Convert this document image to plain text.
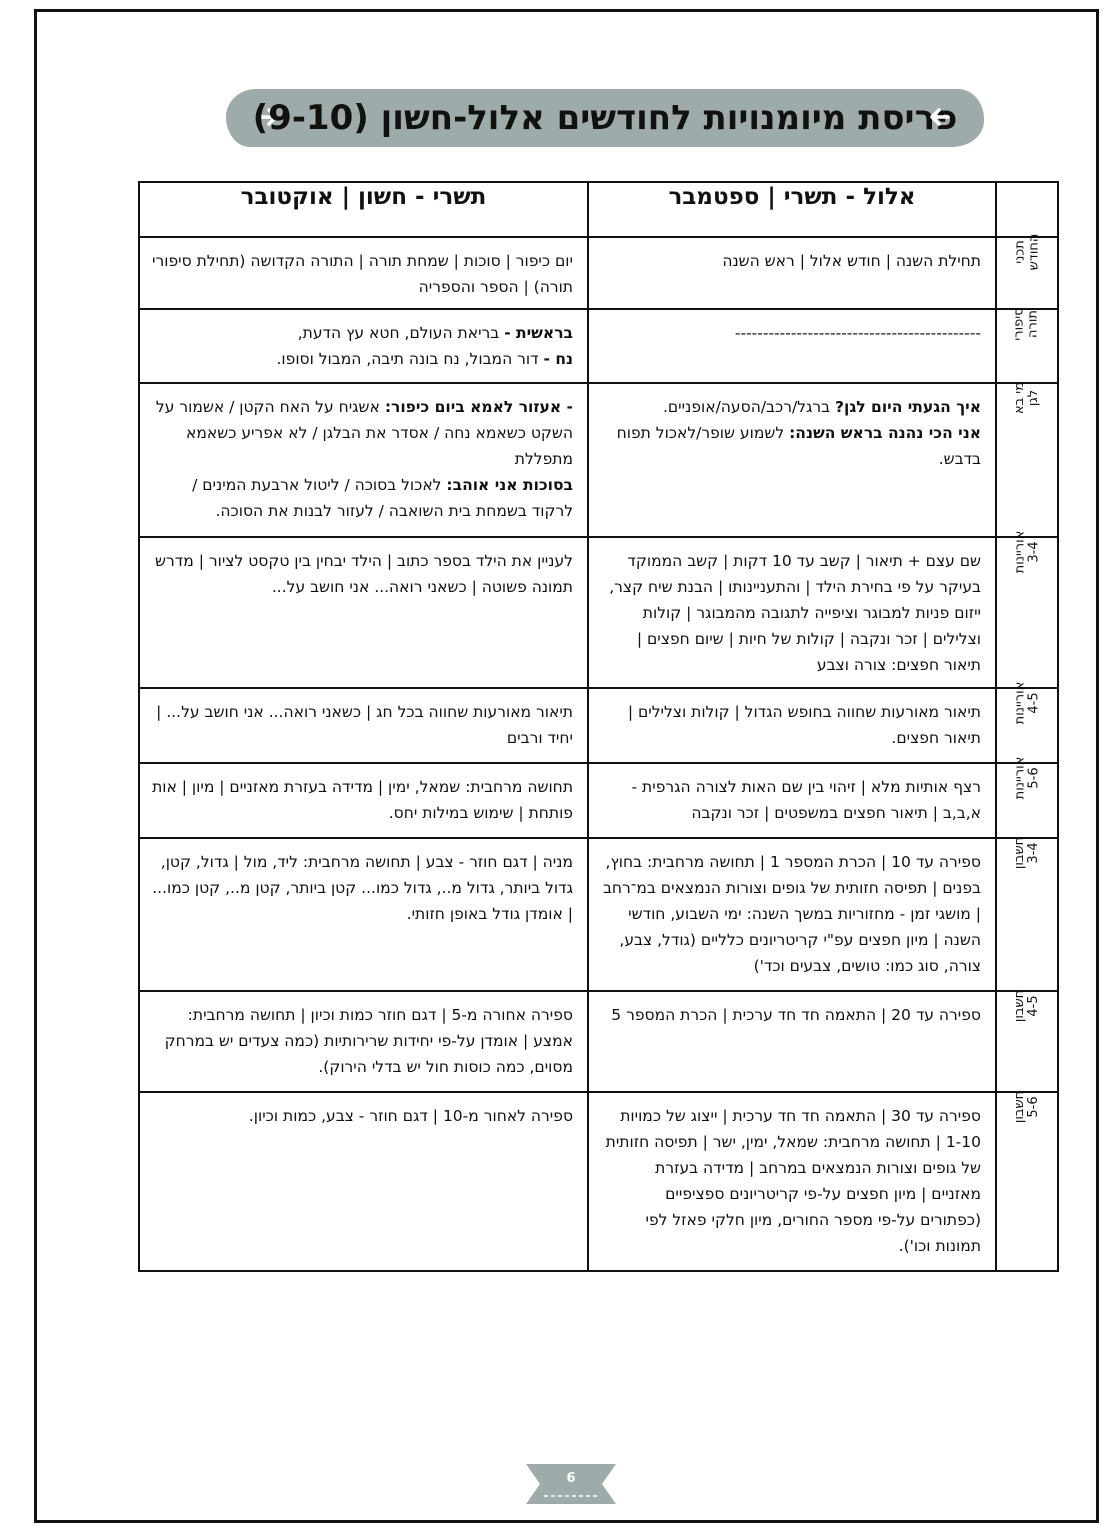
פריסת מיומנויות לחודשים אלול-חשון (9-10)
	אלול - תשרי | ספטמבר	תשרי - חשון | אוקטובר
תכני
החודש	תחילת השנה | חודש אלול | ראש השנה	יום כיפור | סוכות | שמחת תורה | התורה הקדושה (תחילת סיפורי תורה) | הספר והספריה
סיפורי
תורה	--------------------------------------------	בראשית - בריאת העולם, חטא עץ הדעת,
נח - דור המבול, נח בונה תיבה, המבול וסופו.
מי בא
לגן	איך הגעתי היום לגן? ברגל/רכב/הסעה/אופניים.
אני הכי נהנה בראש השנה: לשמוע שופר/לאכול תפוח בדבש.	- אעזור לאמא ביום כיפור: אשגיח על האח הקטן / אשמור על השקט כשאמא נחה / אסדר את הבלגן / לא אפריע כשאמא מתפללת
בסוכות אני אוהב: לאכול בסוכה / ליטול ארבעת המינים / לרקוד בשמחת בית השואבה / לעזור לבנות את הסוכה.
אוריינות
3-4	שם עצם + תיאור | קשב עד 10 דקות | קשב הממוקד בעיקר על פי בחירת הילד | והתעניינותו | הבנת שיח קצר, ייזום פניות למבוגר וציפייה לתגובה מהמבוגר | קולות וצלילים | זכר ונקבה | קולות של חיות | שיום חפצים | תיאור חפצים: צורה וצבע	לעניין את הילד בספר כתוב | הילד יבחין בין טקסט לציור | מדרש תמונה פשוטה | כשאני רואה... אני חושב על...
אוריינות
4-5	תיאור מאורעות שחווה בחופש הגדול | קולות וצלילים | תיאור חפצים.	תיאור מאורעות שחווה בכל חג | כשאני רואה... אני חושב על... | יחיד ורבים
אוריינות
5-6	רצף אותיות מלא | זיהוי בין שם האות לצורה הגרפית - א,ב,ב | תיאור חפצים במשפטים | זכר ונקבה	תחושה מרחבית: שמאל, ימין | מדידה בעזרת מאזניים | מיון | אות פותחת | שימוש במילות יחס.
חשבון
3-4	ספירה עד 10 | הכרת המספר 1 | תחושה מרחבית: בחוץ, בפנים | תפיסה חזותית של גופים וצורות הנמצאים במ־רחב | מושגי זמן - מחזוריות במשך השנה: ימי השבוע, חודשי השנה | מיון חפצים עפ"י קריטריונים כלליים (גודל, צבע, צורה, סוג כמו: טושים, צבעים וכד')	מניה | דגם חוזר - צבע | תחושה מרחבית: ליד, מול | גדול, קטן, גדול ביותר, גדול מ.., גדול כמו... קטן ביותר, קטן מ.., קטן כמו... | אומדן גודל באופן חזותי.
חשבון
4-5	ספירה עד 20 | התאמה חד חד ערכית | הכרת המספר 5	ספירה אחורה מ-5 | דגם חוזר כמות וכיון | תחושה מרחבית: אמצע | אומדן על-פי יחידות שרירותיות (כמה צעדים יש במרחק מסוים, כמה כוסות חול יש בדלי הירוק).
חשבון
5-6	ספירה עד 30 | התאמה חד חד ערכית | ייצוג של כמויות 1-10 | תחושה מרחבית: שמאל, ימין, ישר | תפיסה חזותית של גופים וצורות הנמצאים במרחב | מדידה בעזרת מאזניים | מיון חפצים על-פי קריטריונים ספציפיים (כפתורים על-פי מספר החורים, מיון חלקי פאזל לפי תמונות וכו').	ספירה לאחור מ-10 | דגם חוזר - צבע, כמות וכיון.
6
